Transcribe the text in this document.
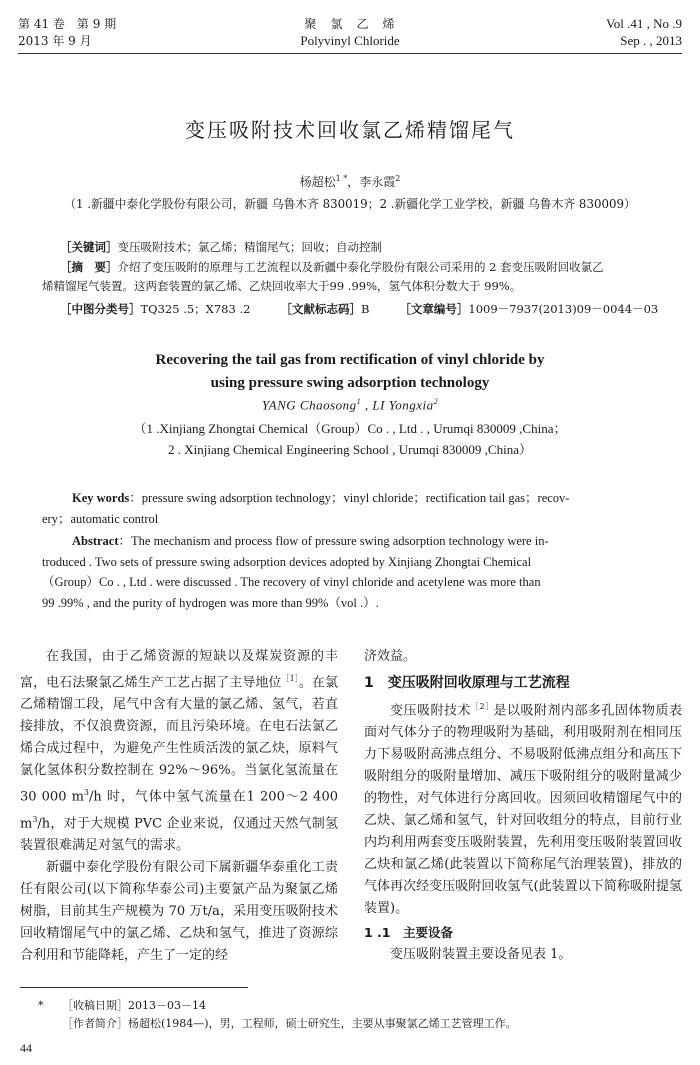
第 41 卷　第 9 期
2013 年 9 月
聚　氯　乙　烯
Polyvinyl Chloride
Vol .41 , No .9
Sep . , 2013
变压吸附技术回收氯乙烯精馏尾气
杨超松$^{1 *}$，李永霞$^2$
（1 .新疆中泰化学股份有限公司，新疆 乌鲁木齐 830019；2 .新疆化学工业学校，新疆 乌鲁木齐 830009）
［关键词］变压吸附技术；氯乙烯；精馏尾气；回收；自动控制
［摘　要］介绍了变压吸附的原理与工艺流程以及新疆中泰化学股份有限公司采用的 2 套变压吸附回收氯乙
烯精馏尾气装置。这两套装置的氯乙烯、乙炔回收率大于99 .99%，氢气体积分数大于 99%。
［中图分类号］TQ325 .5；X783 .2	［文献标志码］B	［文章编号］1009－7937(2013)09－0044－03
Recovering the tail gas from rectification of vinyl chloride by
using pressure swing adsorption technology
YANG Chaosong$^1$ , LI Yongxia$^2$
（1 .Xinjiang Zhongtai Chemical（Group）Co . , Ltd . , Urumqi 830009 ,China；
2 . Xinjiang Chemical Engineering School , Urumqi 830009 ,China）
Key words：pressure swing adsorption technology；vinyl chloride；rectification tail gas；recov-
ery；automatic control
Abstract：The mechanism and process flow of pressure swing adsorption technology were in-
troduced . Two sets of pressure swing adsorption devices adopted by Xinjiang Zhongtai Chemical
（Group）Co . , Ltd . were discussed . The recovery of vinyl chloride and acetylene was more than
99 .99% , and the purity of hydrogen was more than 99%（vol .）.

在我国，由于乙烯资源的短缺以及煤炭资源的丰富，电石法聚氯乙烯生产工艺占据了主导地位$^{[1]}$。在氯乙烯精馏工段，尾气中含有大量的氯乙烯、氢气，若直接排放，不仅浪费资源，而且污染环境。在电石法氯乙烯合成过程中，为避免产生性质活泼的氯乙炔，原料气氯化氢体积分数控制在 92%～96%。当氯化氢流量在 30 000 $m^3/h$ 时，气体中氢气流量在1 200～2 400 $m^3/h$，对于大规模 PVC 企业来说，仅通过天然气制氢装置很难满足对氢气的需求。

新疆中泰化学股份有限公司下属新疆华泰重化工责任有限公司(以下简称华泰公司)主要氯产品为聚氯乙烯树脂，目前其生产规模为 70 万t/a，采用变压吸附技术回收精馏尾气中的氯乙烯、乙炔和氢气，推进了资源综合利用和节能降耗，产生了一定的经

济效益。

1　变压吸附回收原理与工艺流程

变压吸附技术$^{[2]}$是以吸附剂内部多孔固体物质表面对气体分子的物理吸附为基础，利用吸附剂在相同压力下易吸附高沸点组分、不易吸附低沸点组分和高压下吸附组分的吸附量增加、减压下吸附组分的吸附量减少的物性，对气体进行分离回收。因须回收精馏尾气中的乙炔、氯乙烯和氢气，针对回收组分的特点，目前行业内均利用两套变压吸附装置，先利用变压吸附装置回收乙炔和氯乙烯(此装置以下简称尾气治理装置)，排放的气体再次经变压吸附回收氢气(此装置以下简称吸附提氢装置)。

1 .1　主要设备

变压吸附装置主要设备见表 1。

* ［收稿日期］2013－03－14
［作者简介］杨超松(1984—)，男，工程师，硕士研究生，主要从事聚氯乙烯工艺管理工作。
44
